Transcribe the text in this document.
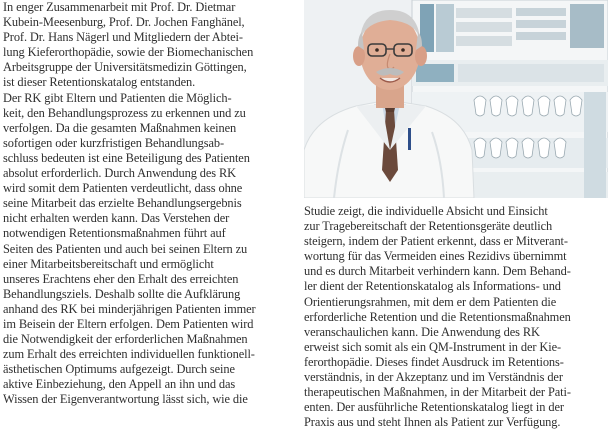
In enger Zusammenarbeit mit Prof. Dr. Dietmar
Kubein-Meesenburg, Prof. Dr. Jochen Fanghänel,
Prof. Dr. Hans Nägerl und Mitgliedern der Abtei-
lung Kieferorthopädie, sowie der Biomechanischen
Arbeitsgruppe der Universitätsmedizin Göttingen,
ist dieser Retentionskatalog entstanden.
Der RK gibt Eltern und Patienten die Möglich-
keit, den Behandlungsprozess zu erkennen und zu
verfolgen. Da die gesamten Maßnahmen keinen
sofortigen oder kurzfristigen Behandlungsab-
schluss bedeuten ist eine Beteiligung des Patienten
absolut erforderlich. Durch Anwendung des RK
wird somit dem Patienten verdeutlicht, dass ohne
seine Mitarbeit das erzielte Behandlungsergebnis
nicht erhalten werden kann. Das Verstehen der
notwendigen Retentionsmaßnahmen führt auf
Seiten des Patienten und auch bei seinen Eltern zu
einer Mitarbeitsbereitschaft und ermöglicht
unseres Erachtens eher den Erhalt des erreichten
Behandlungsziels. Deshalb sollte die Aufklärung
anhand des RK bei minderjährigen Patienten immer
im Beisein der Eltern erfolgen. Dem Patienten wird
die Notwendigkeit der erforderlichen Maßnahmen
zum Erhalt des erreichten individuellen funktionell-
ästhetischen Optimums aufgezeigt. Durch seine
aktive Einbeziehung, den Appell an ihn und das
Wissen der Eigenverantwortung lässt sich, wie die
Studie zeigt, die individuelle Absicht und Einsicht
zur Tragebereitschaft der Retentionsgeräte deutlich
steigern, indem der Patient erkennt, dass er Mitverant-
wortung für das Vermeiden eines Rezidivs übernimmt
und es durch Mitarbeit verhindern kann. Dem Behand-
ler dient der Retentionskatalog als Informations- und
Orientierungsrahmen, mit dem er dem Patienten die
erforderliche Retention und die Retentionsmaßnahmen
veranschaulichen kann. Die Anwendung des RK
erweist sich somit als ein QM-Instrument in der Kie-
ferorthopädie. Dieses findet Ausdruck im Retentions-
verständnis, in der Akzeptanz und im Verständnis der
therapeutischen Maßnahmen, in der Mitarbeit der Pati-
enten. Der ausführliche Retentionskatalog liegt in der
Praxis aus und steht Ihnen als Patient zur Verfügung.
